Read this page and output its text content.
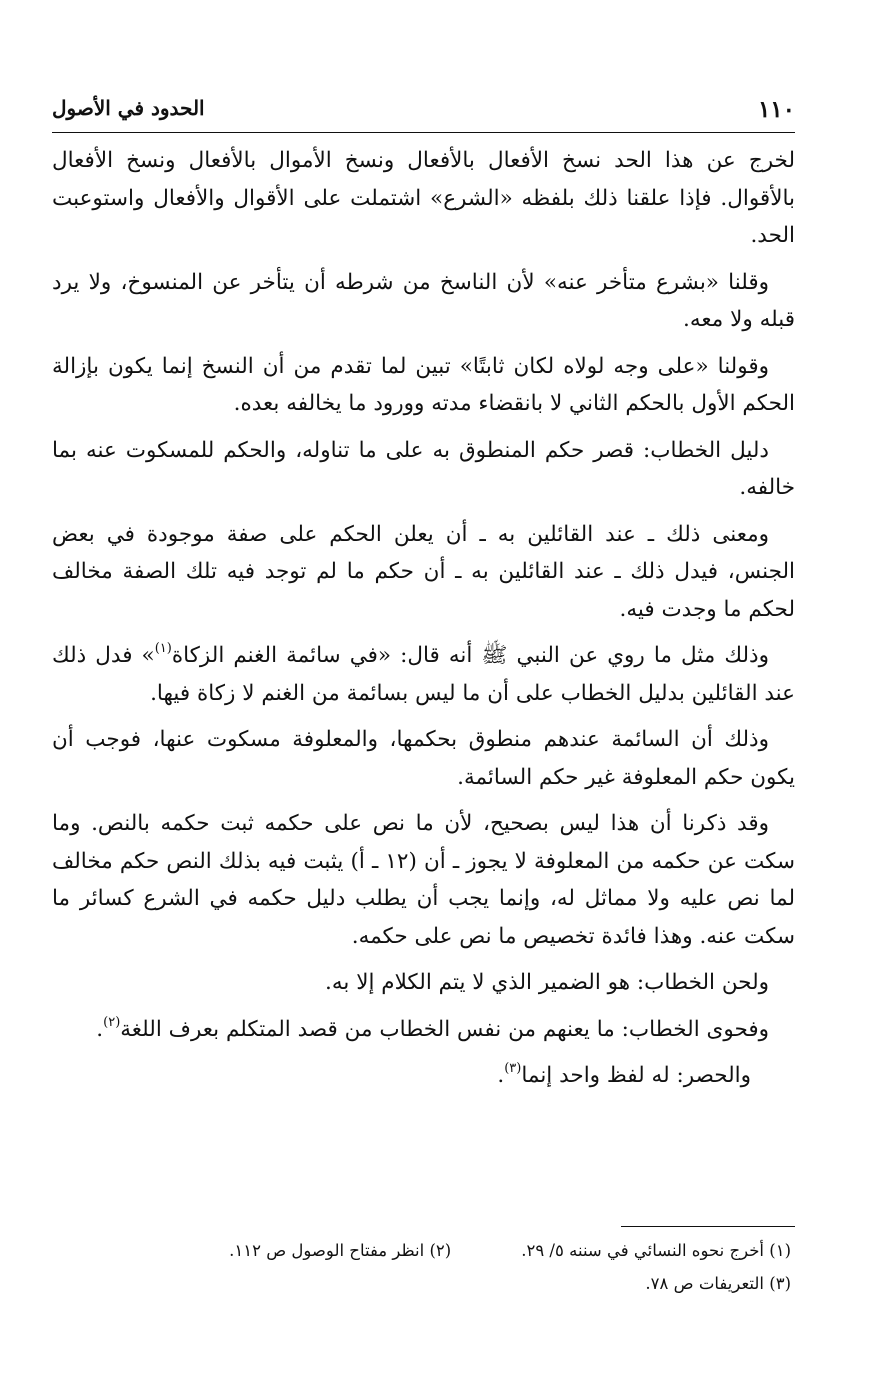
١١٠
الحدود في الأصول

لخرج عن هذا الحد نسخ الأفعال بالأفعال ونسخ الأموال بالأفعال ونسخ الأفعال بالأقوال. فإذا علقنا ذلك بلفظه «الشرع» اشتملت على الأقوال والأفعال واستوعبت الحد.

وقلنا «بشرع متأخر عنه» لأن الناسخ من شرطه أن يتأخر عن المنسوخ، ولا يرد قبله ولا معه.

وقولنا «على وجه لولاه لكان ثابتًا» تبين لما تقدم من أن النسخ إنما يكون بإزالة الحكم الأول بالحكم الثاني لا بانقضاء مدته وورود ما يخالفه بعده.

دليل الخطاب: قصر حكم المنطوق به على ما تناوله، والحكم للمسكوت عنه بما خالفه.

ومعنى ذلك ـ عند القائلين به ـ أن يعلن الحكم على صفة موجودة في بعض الجنس، فيدل ذلك ـ عند القائلين به ـ أن حكم ما لم توجد فيه تلك الصفة مخالف لحكم ما وجدت فيه.

وذلك مثل ما روي عن النبي ﷺ أنه قال: «في سائمة الغنم الزكاة$^{(١)}$» فدل ذلك عند القائلين بدليل الخطاب على أن ما ليس بسائمة من الغنم لا زكاة فيها.

وذلك أن السائمة عندهم منطوق بحكمها، والمعلوفة مسكوت عنها، فوجب أن يكون حكم المعلوفة غير حكم السائمة.

وقد ذكرنا أن هذا ليس بصحيح، لأن ما نص على حكمه ثبت حكمه بالنص. وما سكت عن حكمه من المعلوفة لا يجوز ـ أن (١٢ ـ أ) يثبت فيه بذلك النص حكم مخالف لما نص عليه ولا مماثل له، وإنما يجب أن يطلب دليل حكمه في الشرع كسائر ما سكت عنه. وهذا فائدة تخصيص ما نص على حكمه.

ولحن الخطاب: هو الضمير الذي لا يتم الكلام إلا به.

وفحوى الخطاب: ما يعنهم من نفس الخطاب من قصد المتكلم بعرف اللغة$^{(٢)}$.

والحصر: له لفظ واحد إنما$^{(٣)}$.

(١) أخرج نحوه النسائي في سننه ٥/ ٢٩.
(٢) انظر مفتاح الوصول ص ١١٢.
(٣) التعريفات ص ٧٨.
